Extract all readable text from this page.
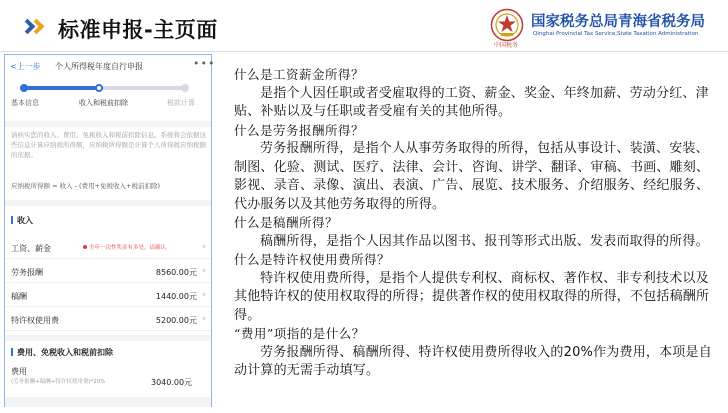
标准申报-主页面
中国税务
国家税务总局青海省税务局
Qinghai Provincial Tax Service,State Taxation Administration
<上一步 个人所得税年度自行申报	•••
基本信息	收入和税前扣除	税款计算
请核实您的收入、费用、免税收入和税前扣除信息。系统将会依据这些信息计算应纳税所得额，应纳税所得额是计算个人所得税应纳税额的依据。
应纳税所得额 = 收入 - (费用+免税收入+税前扣除)
收入
工资、薪金	全年一次性奖金有多处，请确认	›
劳务报酬	8560.00元 ›
稿酬	1440.00元 ›
特许权使用费	5200.00元 ›
费用、免税收入和税前扣除
费用
(劳务报酬+稿酬+特许权使用费)*20%	3040.00元

什么是工资薪金所得？

是指个人因任职或者受雇取得的工资、薪金、奖金、年终加薪、劳动分红、津贴、补贴以及与任职或者受雇有关的其他所得。

什么是劳务报酬所得？

劳务报酬所得，是指个人从事劳务取得的所得，包括从事设计、装潢、安装、制图、化验、测试、医疗、法律、会计、咨询、讲学、翻译、审稿、书画、雕刻、影视、录音、录像、演出、表演、广告、展览、技术服务、介绍服务、经纪服务、代办服务以及其他劳务取得的所得。

什么是稿酬所得？

稿酬所得，是指个人因其作品以图书、报刊等形式出版、发表而取得的所得。

什么是特许权使用费所得？

特许权使用费所得，是指个人提供专利权、商标权、著作权、非专利技术以及其他特许权的使用权取得的所得；提供著作权的使用权取得的所得，不包括稿酬所得。

“费用”项指的是什么？

劳务报酬所得、稿酬所得、特许权使用费所得收入的20%作为费用，本项是自动计算的无需手动填写。
